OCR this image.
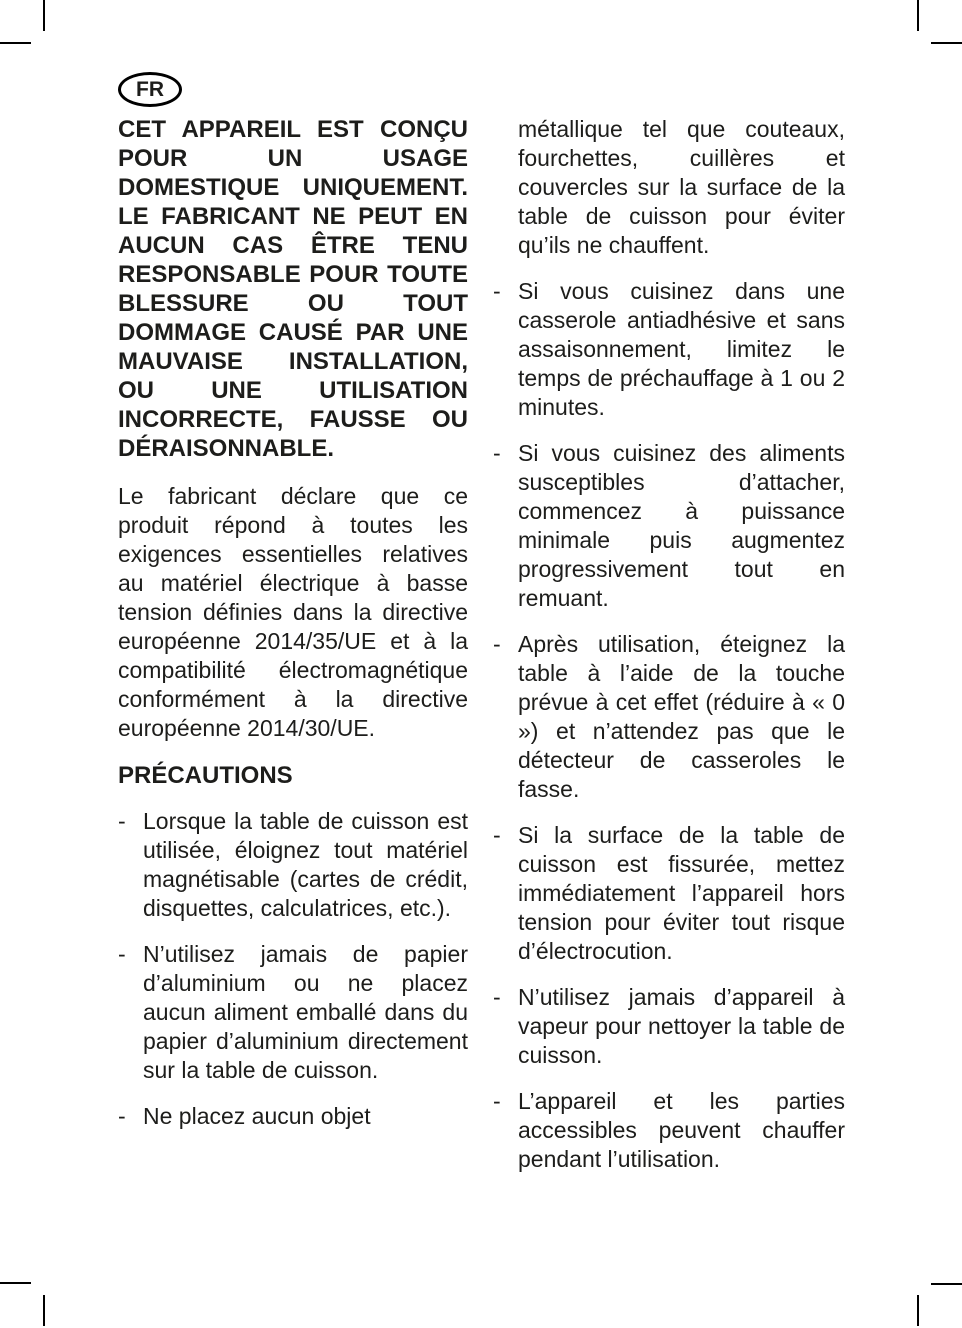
FR

CET APPAREIL EST CONÇU POUR UN USAGE DOMESTIQUE UNIQUEMENT. LE FABRICANT NE PEUT EN AUCUN CAS ÊTRE TENU RESPONSABLE POUR TOUTE BLESSURE OU TOUT DOMMAGE CAUSÉ PAR UNE MAUVAISE INSTALLATION, OU UNE UTILISATION INCORRECTE, FAUSSE OU DÉRAISONNABLE.

Le fabricant déclare que ce produit répond à toutes les exigences essentielles relatives au matériel électrique à basse tension définies dans la directive européenne 2014/35/UE et à la compatibilité électromagnétique conformément à la directive européenne 2014/30/UE.

PRÉCAUTIONS
- Lorsque la table de cuisson est utilisée, éloignez tout matériel magnétisable (cartes de crédit, disquettes, calculatrices, etc.).
- N’utilisez jamais de papier d’aluminium ou ne placez aucun aliment emballé dans du papier d’aluminium directement sur la table de cuisson.
- Ne placez aucun objet
métallique tel que couteaux, fourchettes, cuillères et couvercles sur la surface de la table de cuisson pour éviter qu’ils ne chauffent.
- Si vous cuisinez dans une casserole antiadhésive et sans assaisonnement, limitez le temps de préchauffage à 1 ou 2 minutes.
- Si vous cuisinez des aliments susceptibles d’attacher, commencez à puissance minimale puis augmentez progressivement tout en remuant.
- Après utilisation, éteignez la table à l’aide de la touche prévue à cet effet (réduire à « 0 ») et n’attendez pas que le détecteur de casseroles le fasse.
- Si la surface de la table de cuisson est fissurée, mettez immédiatement l’appareil hors tension pour éviter tout risque d’électrocution.
- N’utilisez jamais d’appareil à vapeur pour nettoyer la table de cuisson.
- L’appareil et les parties accessibles peuvent chauffer pendant l’utilisation.
